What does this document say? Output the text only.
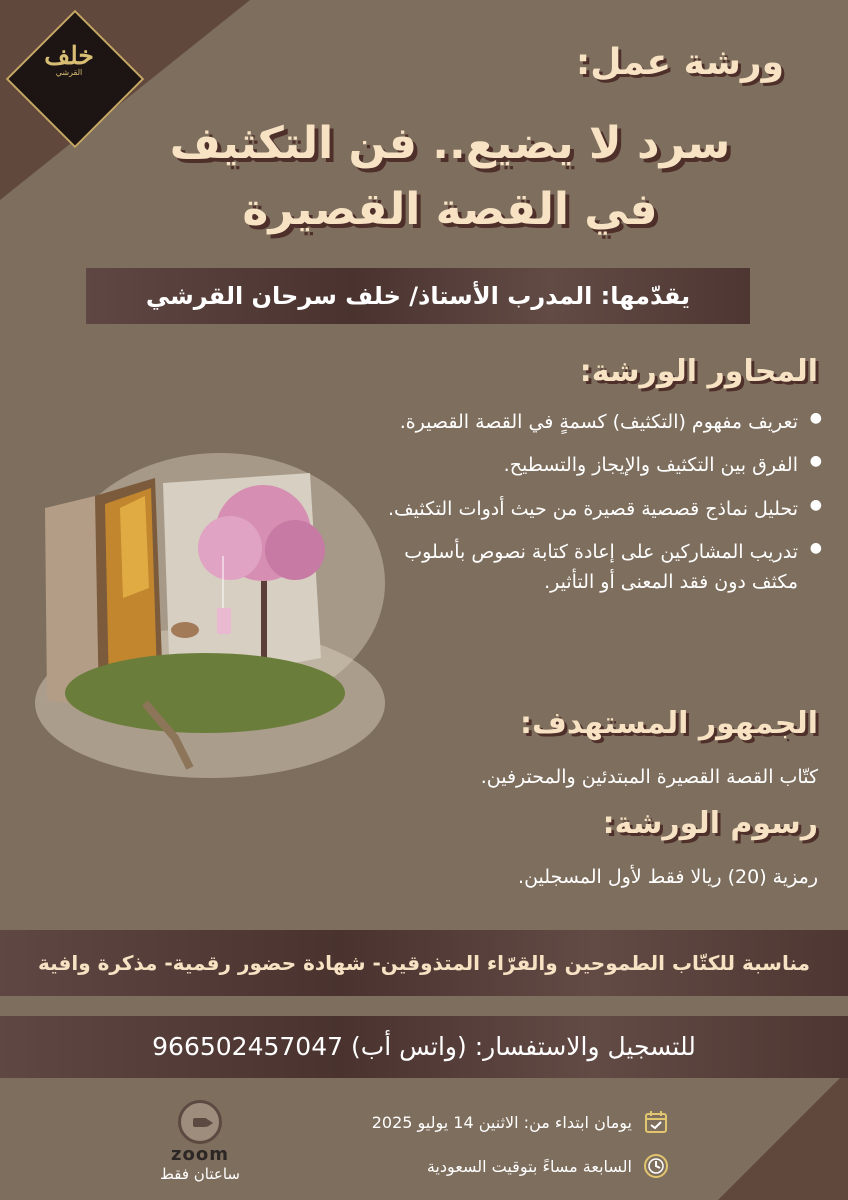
خلف
القرشي	ورشة عمل:
سرد لا يضيع.. فن التكثيف
في القصة القصيرة
يقدّمها: المدرب الأستاذ/ خلف سرحان القرشي
المحاور الورشة:
● تعريف مفهوم (التكثيف) كسمةٍ في القصة القصيرة.
● الفرق بين التكثيف والإيجاز والتسطيح.
● تحليل نماذج قصصية قصيرة من حيث أدوات التكثيف.
● تدريب المشاركين على إعادة كتابة نصوص بأسلوب مكثف دون فقد المعنى أو التأثير.
الجمهور المستهدف:
كتّاب القصة القصيرة المبتدئين والمحترفين.
رسوم الورشة:
رمزية (20) ريالا فقط لأول المسجلين.
مناسبة للكتّاب الطموحين والقرّاء المتذوقين- شهادة حضور رقمية- مذكرة وافية
للتسجيل والاستفسار: (واتس أب) 966502457047
يومان ابتداء من: الاثنين 14 يوليو 2025
السابعة مساءً بتوقيت السعودية
zoom
ساعتان فقط
